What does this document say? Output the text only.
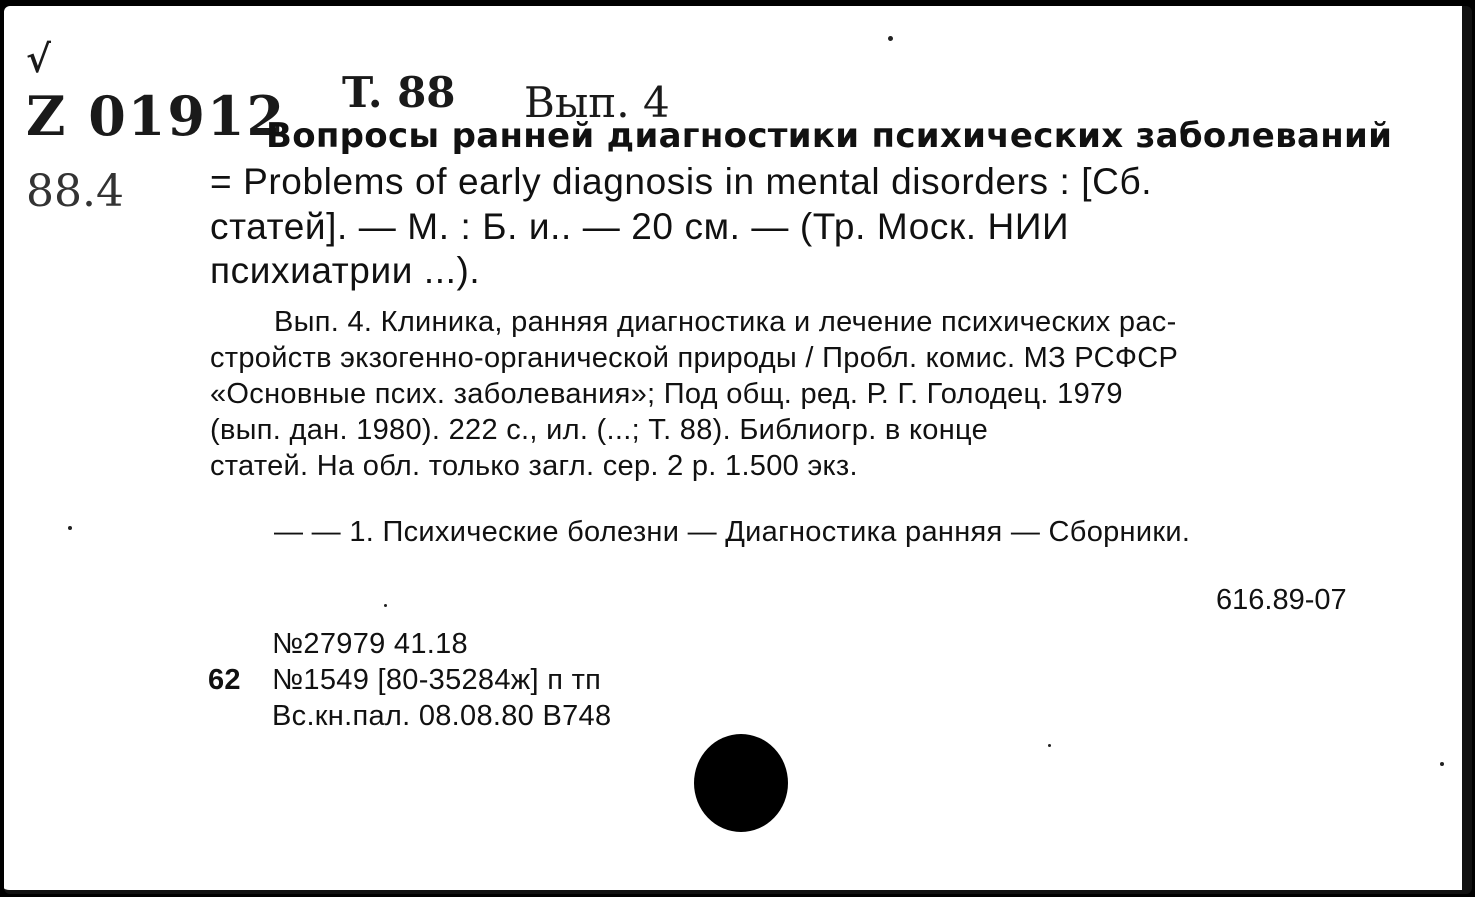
√
Z 01912 T. 88 Вып. 4
88.4
Вопросы ранней диагностики психических заболеваний
= Problems of early diagnosis in mental disorders : [Сб.
статей]. — М. : Б. и.. — 20 см. — (Тр. Моск. НИИ
психиатрии ...).
Вып. 4. Клиника, ранняя диагностика и лечение психических рас-
стройств экзогенно-органической природы / Пробл. комис. МЗ РСФСР
«Основные псих. заболевания»; Под общ. ред. Р. Г. Голодец. 1979
(вып. дан. 1980). 222 с., ил. (...; Т. 88). Библиогр. в конце
статей. На обл. только загл. сер. 2 р. 1.500 экз.
— — 1. Психические болезни — Диагностика ранняя — Сборники.
616.89-07
№27979 41.18
62 №1549 [80-35284ж] п тп
Вс.кн.пал. 08.08.80 В748
